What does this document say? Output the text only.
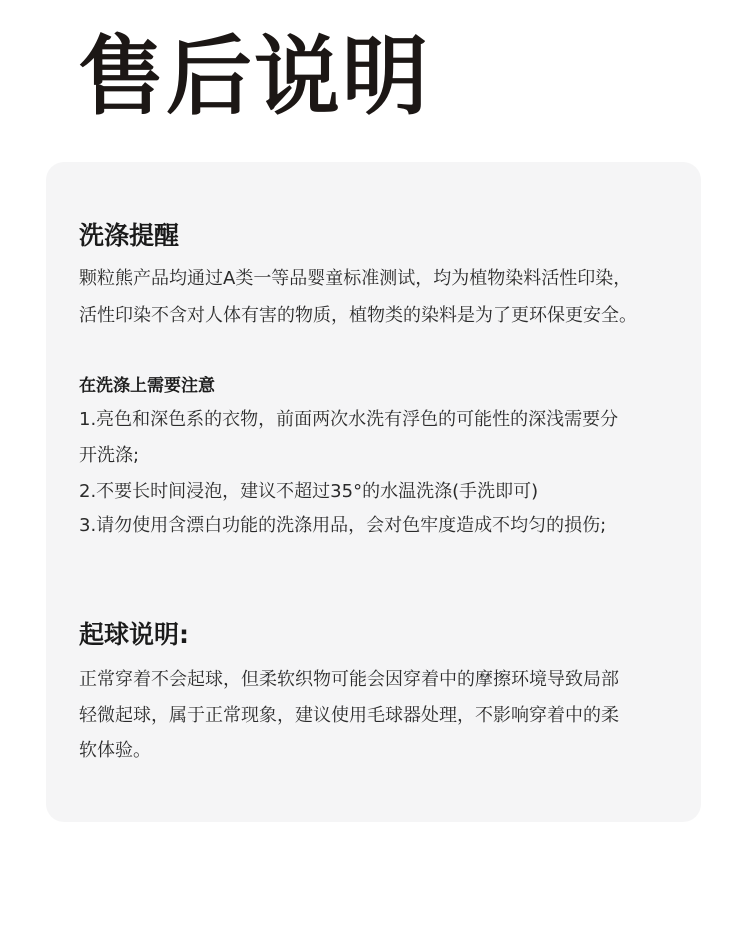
售后说明
洗涤提醒

颗粒熊产品均通过A类一等品婴童标准测试，均为植物染料活性印染，

活性印染不含对人体有害的物质，植物类的染料是为了更环保更安全。

在洗涤上需要注意

1.亮色和深色系的衣物，前面两次水洗有浮色的可能性的深浅需要分

开洗涤;

2.不要长时间浸泡，建议不超过35°的水温洗涤(手洗即可)

3.请勿使用含漂白功能的洗涤用品，会对色牢度造成不均匀的损伤;

起球说明:

正常穿着不会起球，但柔软织物可能会因穿着中的摩擦环境导致局部

轻微起球，属于正常现象，建议使用毛球器处理，不影响穿着中的柔

软体验。
